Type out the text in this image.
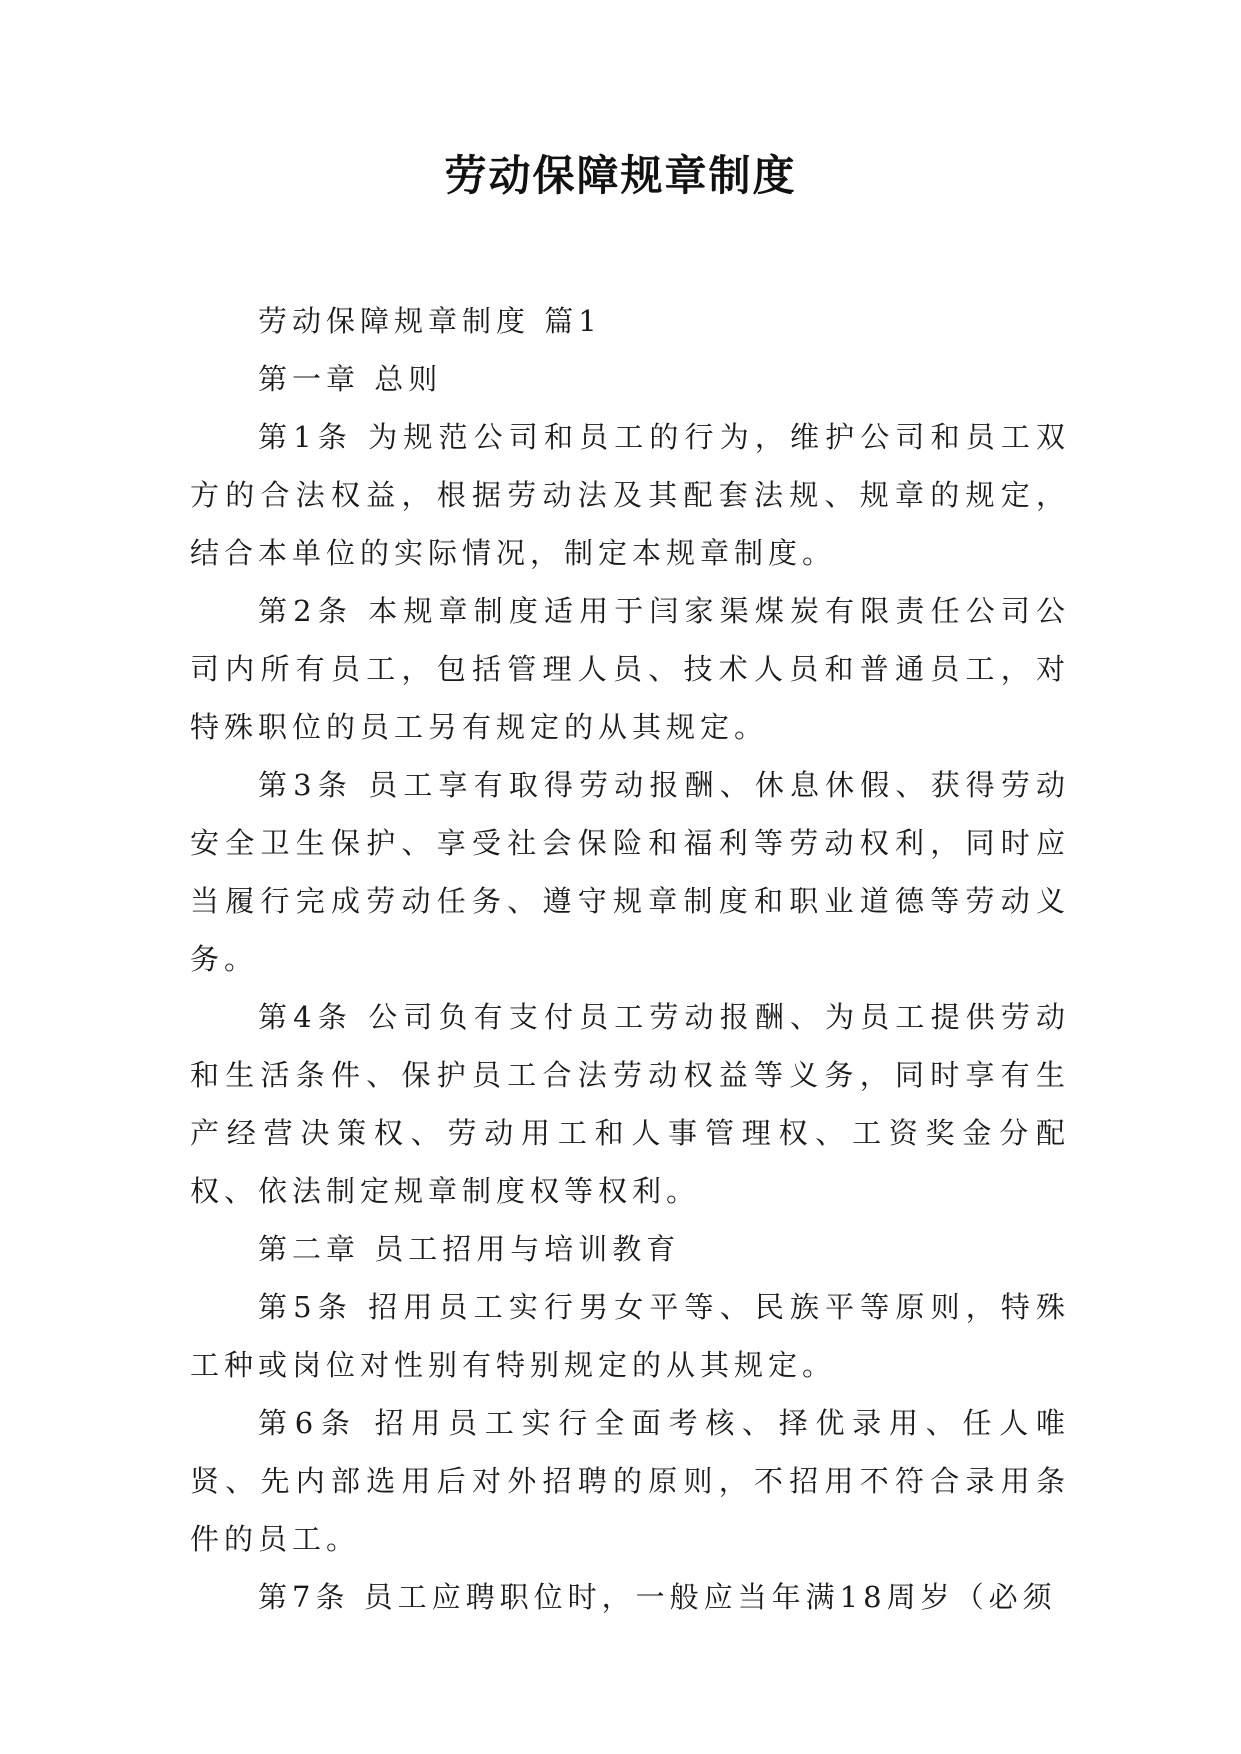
劳动保障规章制度

劳动保障规章制度 篇1

第一章 总则

第1条 为规范公司和员工的行为，维护公司和员工双方的合法权益，根据劳动法及其配套法规、规章的规定，结合本单位的实际情况，制定本规章制度。

第2条 本规章制度适用于闫家渠煤炭有限责任公司公司内所有员工，包括管理人员、技术人员和普通员工，对特殊职位的员工另有规定的从其规定。

第3条 员工享有取得劳动报酬、休息休假、获得劳动安全卫生保护、享受社会保险和福利等劳动权利，同时应当履行完成劳动任务、遵守规章制度和职业道德等劳动义务。

第4条 公司负有支付员工劳动报酬、为员工提供劳动和生活条件、保护员工合法劳动权益等义务，同时享有生产经营决策权、劳动用工和人事管理权、工资奖金分配权、依法制定规章制度权等权利。

第二章 员工招用与培训教育

第5条 招用员工实行男女平等、民族平等原则，特殊工种或岗位对性别有特别规定的从其规定。

第6条 招用员工实行全面考核、择优录用、任人唯贤、先内部选用后对外招聘的原则，不招用不符合录用条件的员工。

第7条 员工应聘职位时，一般应当年满18周岁（必须
